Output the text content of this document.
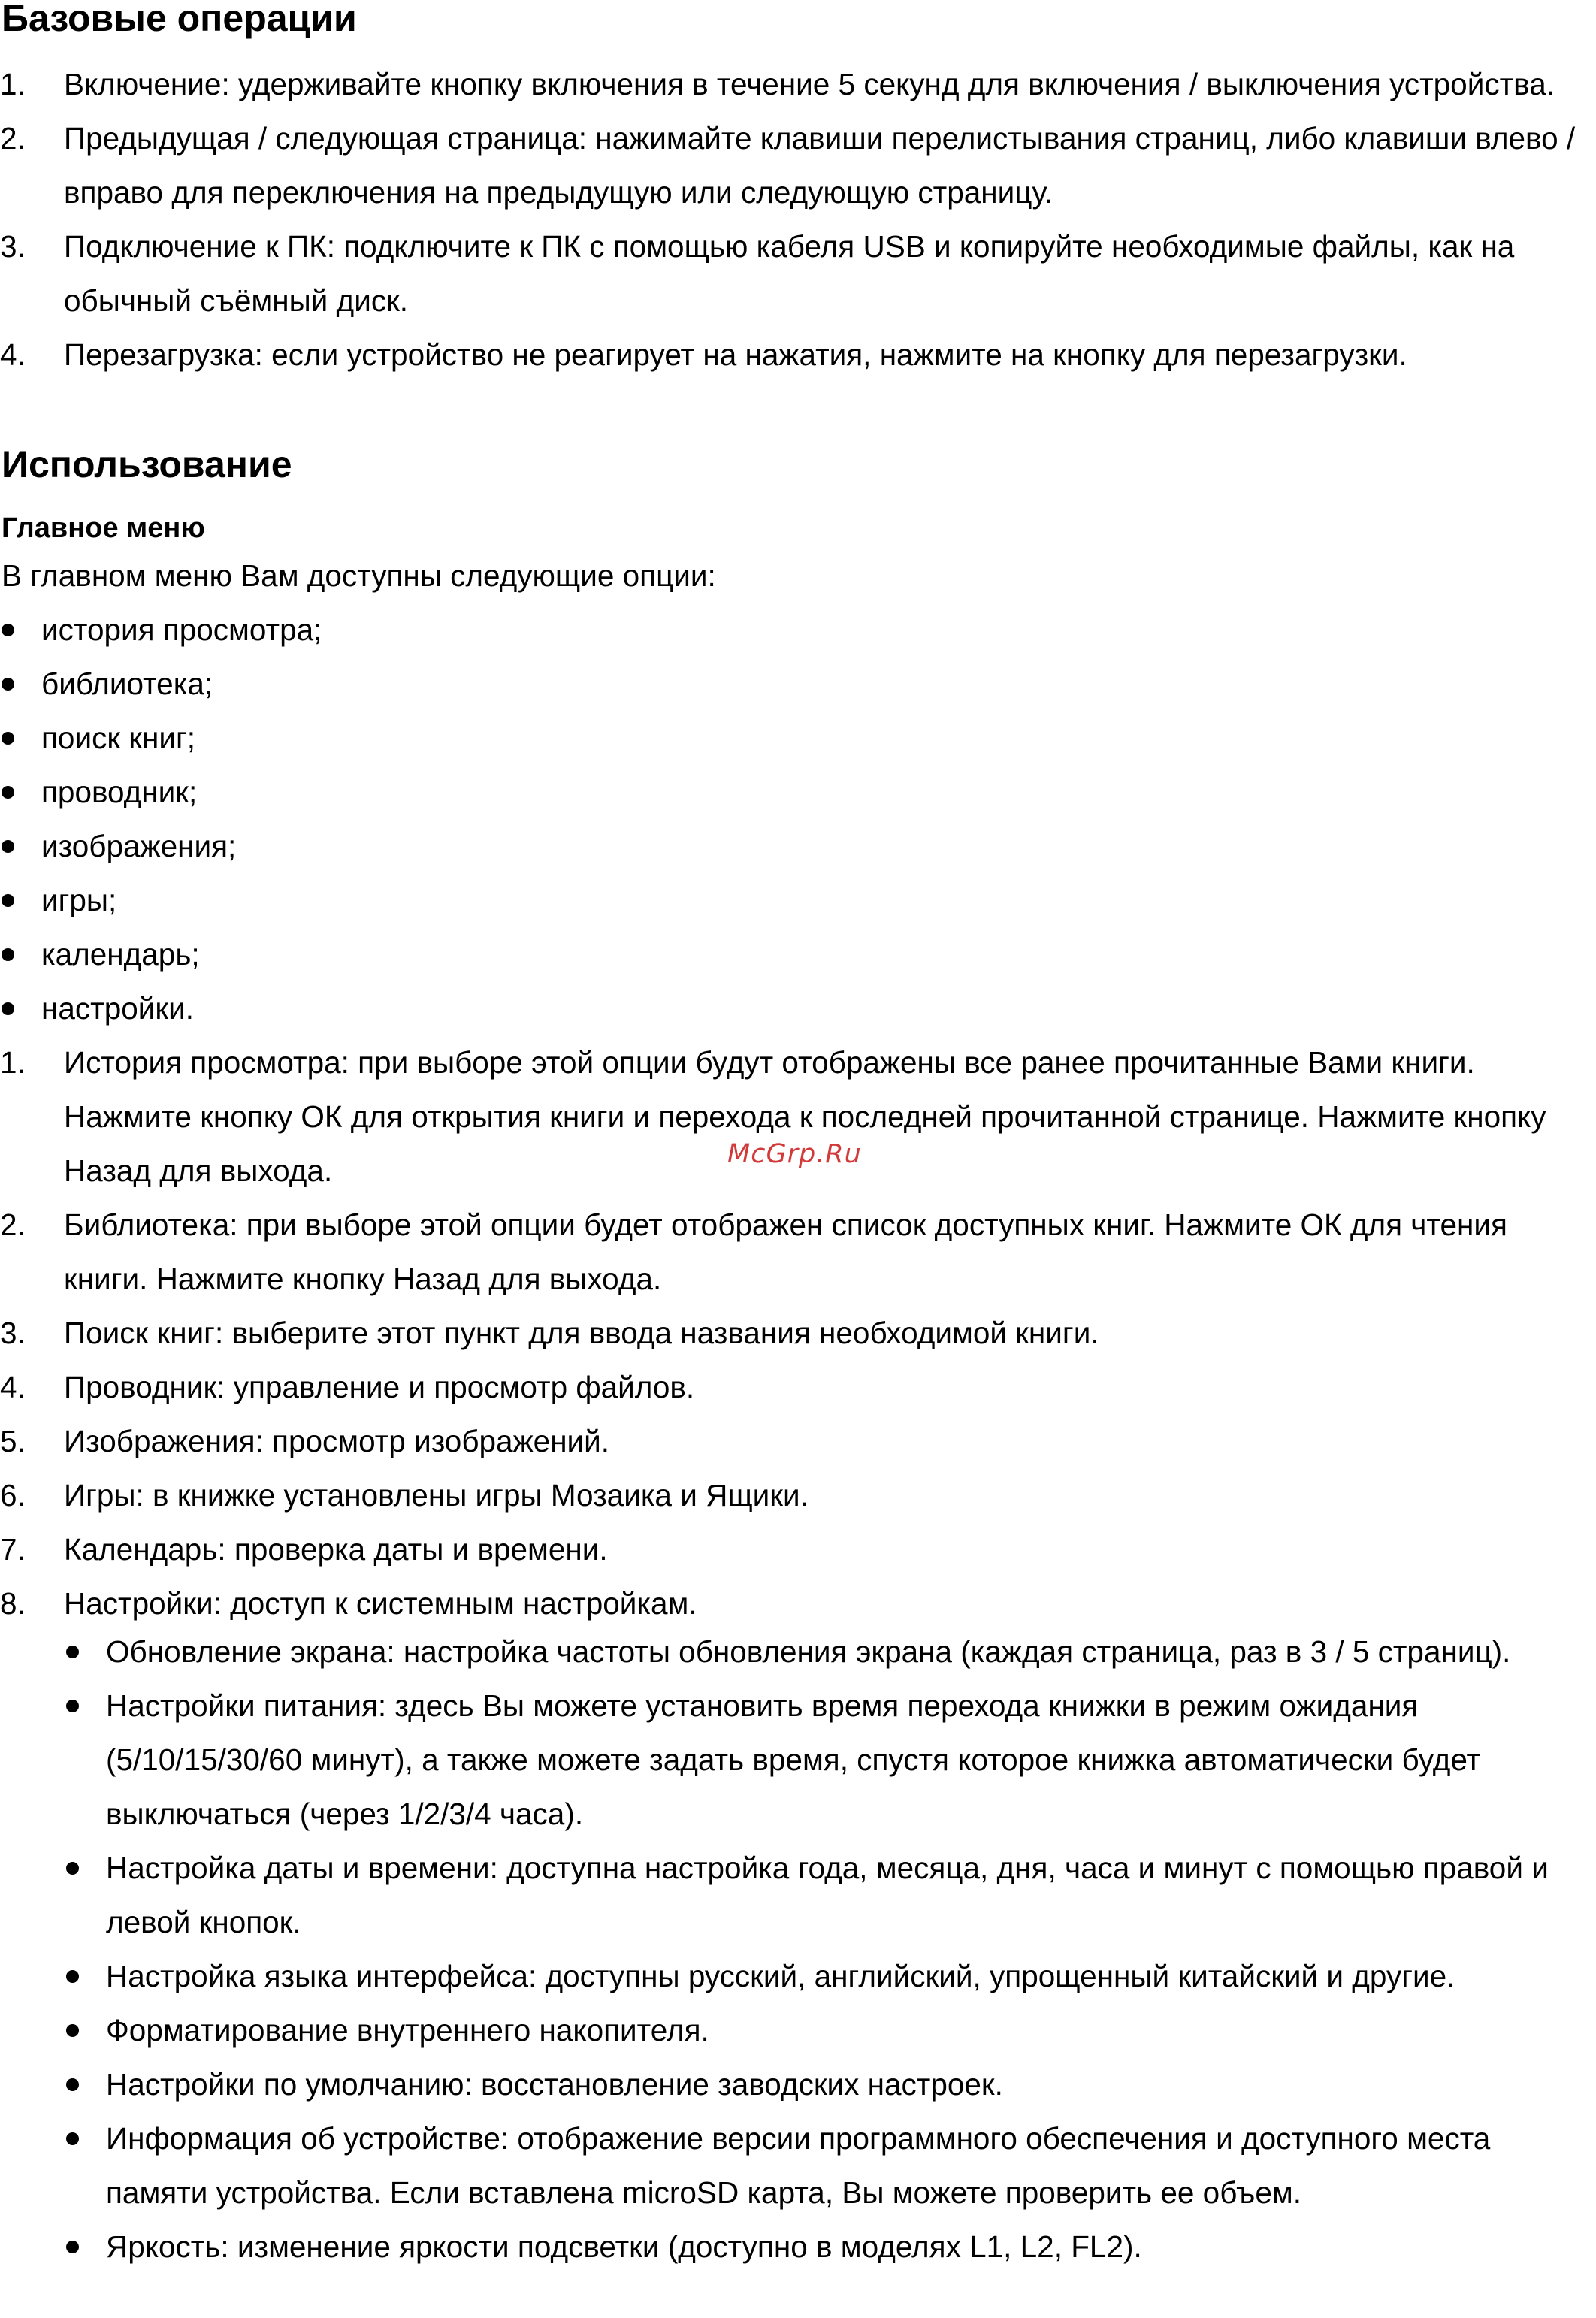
Базовые операции
1.	Включение: удерживайте кнопку включения в течение 5 секунд для включения / выключения устройства.
2.	Предыдущая / следующая страница: нажимайте клавиши перелистывания страниц, либо клавиши влево / вправо для переключения на предыдущую или следующую страницу.
3.	Подключение к ПК: подключите к ПК с помощью кабеля USB и копируйте необходимые файлы, как на обычный съёмный диск.
4.	Перезагрузка: если устройство не реагирует на нажатия, нажмите на кнопку для перезагрузки.
Использование
Главное меню

В главном меню Вам доступны следующие опции:

история просмотра;
библиотека;
поиск книг;
проводник;
изображения;
игры;
календарь;
настройки.
1.	История просмотра: при выборе этой опции будут отображены все ранее прочитанные Вами книги. Нажмите кнопку ОК для открытия книги и перехода к последней прочитанной странице. Нажмите кнопку Назад для выхода.
2.	Библиотека: при выборе этой опции будет отображен список доступных книг. Нажмите ОК для чтения книги. Нажмите кнопку Назад для выхода.
3.	Поиск книг: выберите этот пункт для ввода названия необходимой книги.
4.	Проводник: управление и просмотр файлов.
5.	Изображения: просмотр изображений.
6.	Игры: в книжке установлены игры Мозаика и Ящики.
7.	Календарь: проверка даты и времени.
8.	Настройки: доступ к системным настройкам.
Обновление экрана: настройка частоты обновления экрана (каждая страница, раз в 3 / 5 страниц).
Настройки питания: здесь Вы можете установить время перехода книжки в режим ожидания (5/10/15/30/60 минут), а также можете задать время, спустя которое книжка автоматически будет выключаться (через 1/2/3/4 часа).
Настройка даты и времени: доступна настройка года, месяца, дня, часа и минут с помощью правой и левой кнопок.
Настройка языка интерфейса: доступны русский, английский, упрощенный китайский и другие.
Форматирование внутреннего накопителя.
Настройки по умолчанию: восстановление заводских настроек.
Информация об устройстве: отображение версии программного обеспечения и доступного места памяти устройства. Если вставлена microSD карта, Вы можете проверить ее объем.
Яркость: изменение яркости подсветки (доступно в моделях L1, L2, FL2).
McGrp.Ru
